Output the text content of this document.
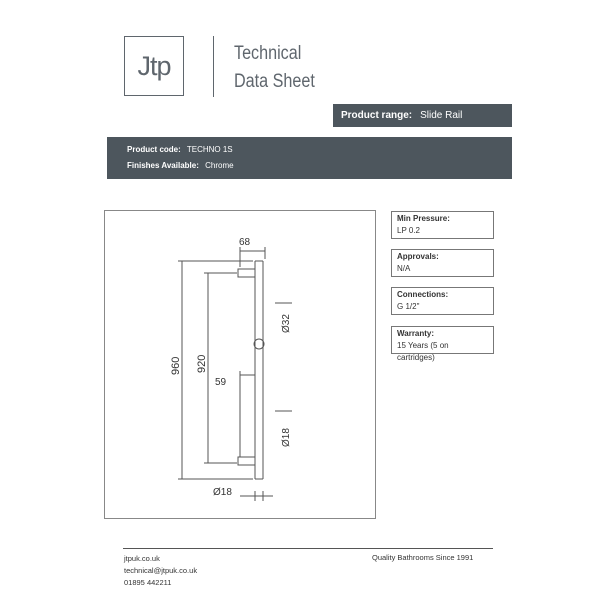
Jtp	Technical
Data Sheet
Product range: Slide Rail
Product code: TECHNO 1S
Finishes Available: Chrome
68
960 920
59
Ø32
Ø18
Ø18
Min Pressure:
LP 0.2
Approvals:
N/A
Connections:
G 1/2"
Warranty:
15 Years (5 on cartridges)
jtpuk.co.uk
technical@jtpuk.co.uk
01895 442211
Quality Bathrooms Since 1991
